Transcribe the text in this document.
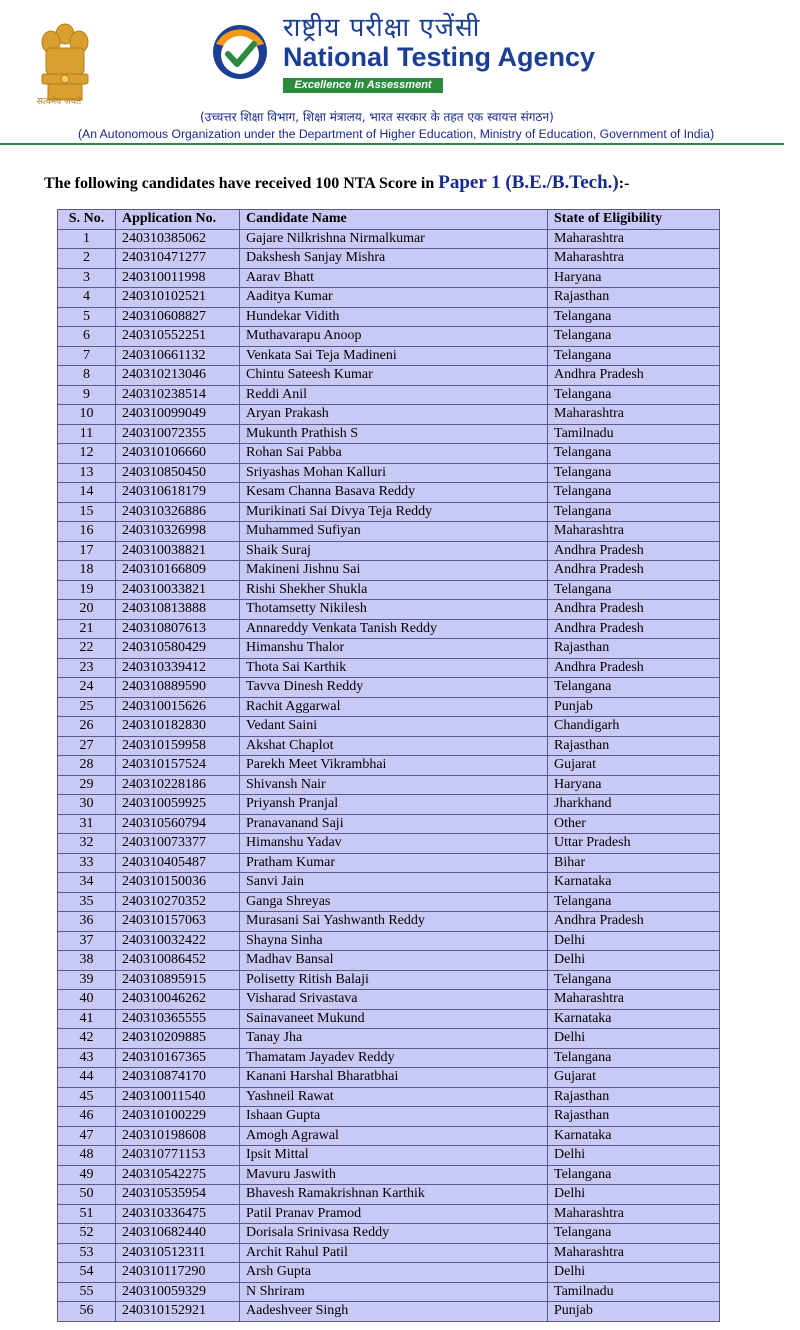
सत्यमेव जयते
राष्ट्रीय परीक्षा एजेंसी
National Testing Agency
Excellence in Assessment
(उच्चत्तर शिक्षा विभाग, शिक्षा मंत्रालय, भारत सरकार के तहत एक स्वायत्त संगठन)
(An Autonomous Organization under the Department of Higher Education, Ministry of Education, Government of India)
The following candidates have received 100 NTA Score in Paper 1 (B.E./B.Tech.):-
S. No.	Application No.	Candidate Name	State of Eligibility
1	240310385062	Gajare Nilkrishna Nirmalkumar	Maharashtra
2	240310471277	Dakshesh Sanjay Mishra	Maharashtra
3	240310011998	Aarav Bhatt	Haryana
4	240310102521	Aaditya Kumar	Rajasthan
5	240310608827	Hundekar Vidith	Telangana
6	240310552251	Muthavarapu Anoop	Telangana
7	240310661132	Venkata Sai Teja Madineni	Telangana
8	240310213046	Chintu Sateesh Kumar	Andhra Pradesh
9	240310238514	Reddi Anil	Telangana
10	240310099049	Aryan Prakash	Maharashtra
11	240310072355	Mukunth Prathish S	Tamilnadu
12	240310106660	Rohan Sai Pabba	Telangana
13	240310850450	Sriyashas Mohan Kalluri	Telangana
14	240310618179	Kesam Channa Basava Reddy	Telangana
15	240310326886	Murikinati Sai Divya Teja Reddy	Telangana
16	240310326998	Muhammed Sufiyan	Maharashtra
17	240310038821	Shaik Suraj	Andhra Pradesh
18	240310166809	Makineni Jishnu Sai	Andhra Pradesh
19	240310033821	Rishi Shekher Shukla	Telangana
20	240310813888	Thotamsetty Nikilesh	Andhra Pradesh
21	240310807613	Annareddy Venkata Tanish Reddy	Andhra Pradesh
22	240310580429	Himanshu Thalor	Rajasthan
23	240310339412	Thota Sai Karthik	Andhra Pradesh
24	240310889590	Tavva Dinesh Reddy	Telangana
25	240310015626	Rachit Aggarwal	Punjab
26	240310182830	Vedant Saini	Chandigarh
27	240310159958	Akshat Chaplot	Rajasthan
28	240310157524	Parekh Meet Vikrambhai	Gujarat
29	240310228186	Shivansh Nair	Haryana
30	240310059925	Priyansh Pranjal	Jharkhand
31	240310560794	Pranavanand Saji	Other
32	240310073377	Himanshu Yadav	Uttar Pradesh
33	240310405487	Pratham Kumar	Bihar
34	240310150036	Sanvi Jain	Karnataka
35	240310270352	Ganga Shreyas	Telangana
36	240310157063	Murasani Sai Yashwanth Reddy	Andhra Pradesh
37	240310032422	Shayna Sinha	Delhi
38	240310086452	Madhav Bansal	Delhi
39	240310895915	Polisetty Ritish Balaji	Telangana
40	240310046262	Visharad Srivastava	Maharashtra
41	240310365555	Sainavaneet Mukund	Karnataka
42	240310209885	Tanay Jha	Delhi
43	240310167365	Thamatam Jayadev Reddy	Telangana
44	240310874170	Kanani Harshal Bharatbhai	Gujarat
45	240310011540	Yashneil Rawat	Rajasthan
46	240310100229	Ishaan Gupta	Rajasthan
47	240310198608	Amogh Agrawal	Karnataka
48	240310771153	Ipsit Mittal	Delhi
49	240310542275	Mavuru Jaswith	Telangana
50	240310535954	Bhavesh Ramakrishnan Karthik	Delhi
51	240310336475	Patil Pranav Pramod	Maharashtra
52	240310682440	Dorisala Srinivasa Reddy	Telangana
53	240310512311	Archit Rahul Patil	Maharashtra
54	240310117290	Arsh Gupta	Delhi
55	240310059329	N Shriram	Tamilnadu
56	240310152921	Aadeshveer Singh	Punjab
